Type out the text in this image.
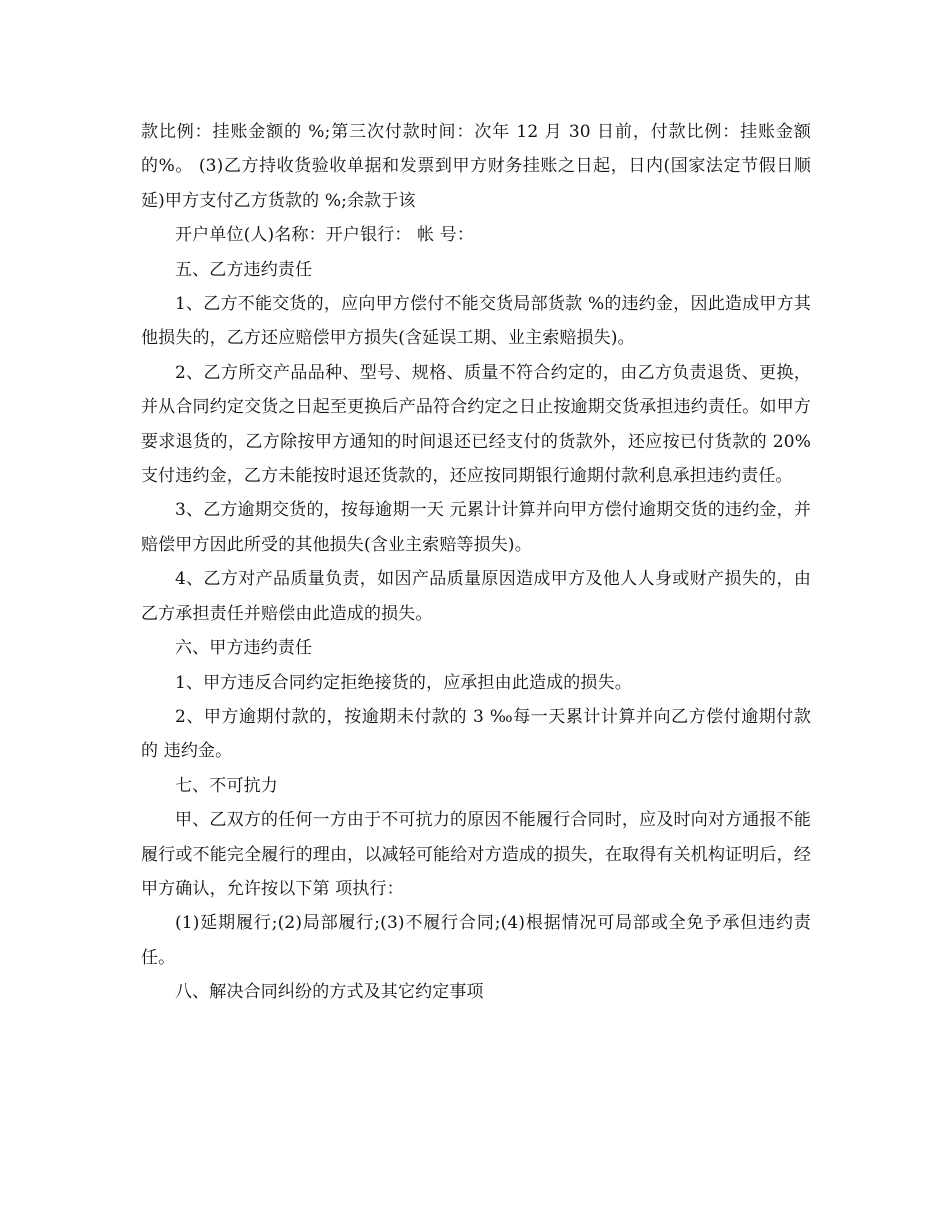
款比例：挂账金额的 %;第三次付款时间：次年 12 月 30 日前，付款比例：挂账金额的%。 (3)乙方持收货验收单据和发票到甲方财务挂账之日起，日内(国家法定节假日顺延)甲方支付乙方货款的 %;余款于该

开户单位(人)名称：开户银行： 帐 号：

五、乙方违约责任

1、乙方不能交货的，应向甲方偿付不能交货局部货款 %的违约金，因此造成甲方其他损失的，乙方还应赔偿甲方损失(含延误工期、业主索赔损失)。

2、乙方所交产品品种、型号、规格、质量不符合约定的，由乙方负责退货、更换，并从合同约定交货之日起至更换后产品符合约定之日止按逾期交货承担违约责任。如甲方要求退货的，乙方除按甲方通知的时间退还已经支付的货款外，还应按已付货款的 20%支付违约金，乙方未能按时退还货款的，还应按同期银行逾期付款利息承担违约责任。

3、乙方逾期交货的，按每逾期一天 元累计计算并向甲方偿付逾期交货的违约金，并赔偿甲方因此所受的其他损失(含业主索赔等损失)。

4、乙方对产品质量负责，如因产品质量原因造成甲方及他人人身或财产损失的，由乙方承担责任并赔偿由此造成的损失。

六、甲方违约责任

1、甲方违反合同约定拒绝接货的，应承担由此造成的损失。

2、甲方逾期付款的，按逾期未付款的 3 ‰每一天累计计算并向乙方偿付逾期付款的 违约金。

七、不可抗力

甲、乙双方的任何一方由于不可抗力的原因不能履行合同时，应及时向对方通报不能履行或不能完全履行的理由，以减轻可能给对方造成的损失，在取得有关机构证明后，经甲方确认，允许按以下第 项执行：

(1)延期履行;(2)局部履行;(3)不履行合同;(4)根据情况可局部或全免予承但违约责任。

八、解决合同纠纷的方式及其它约定事项
